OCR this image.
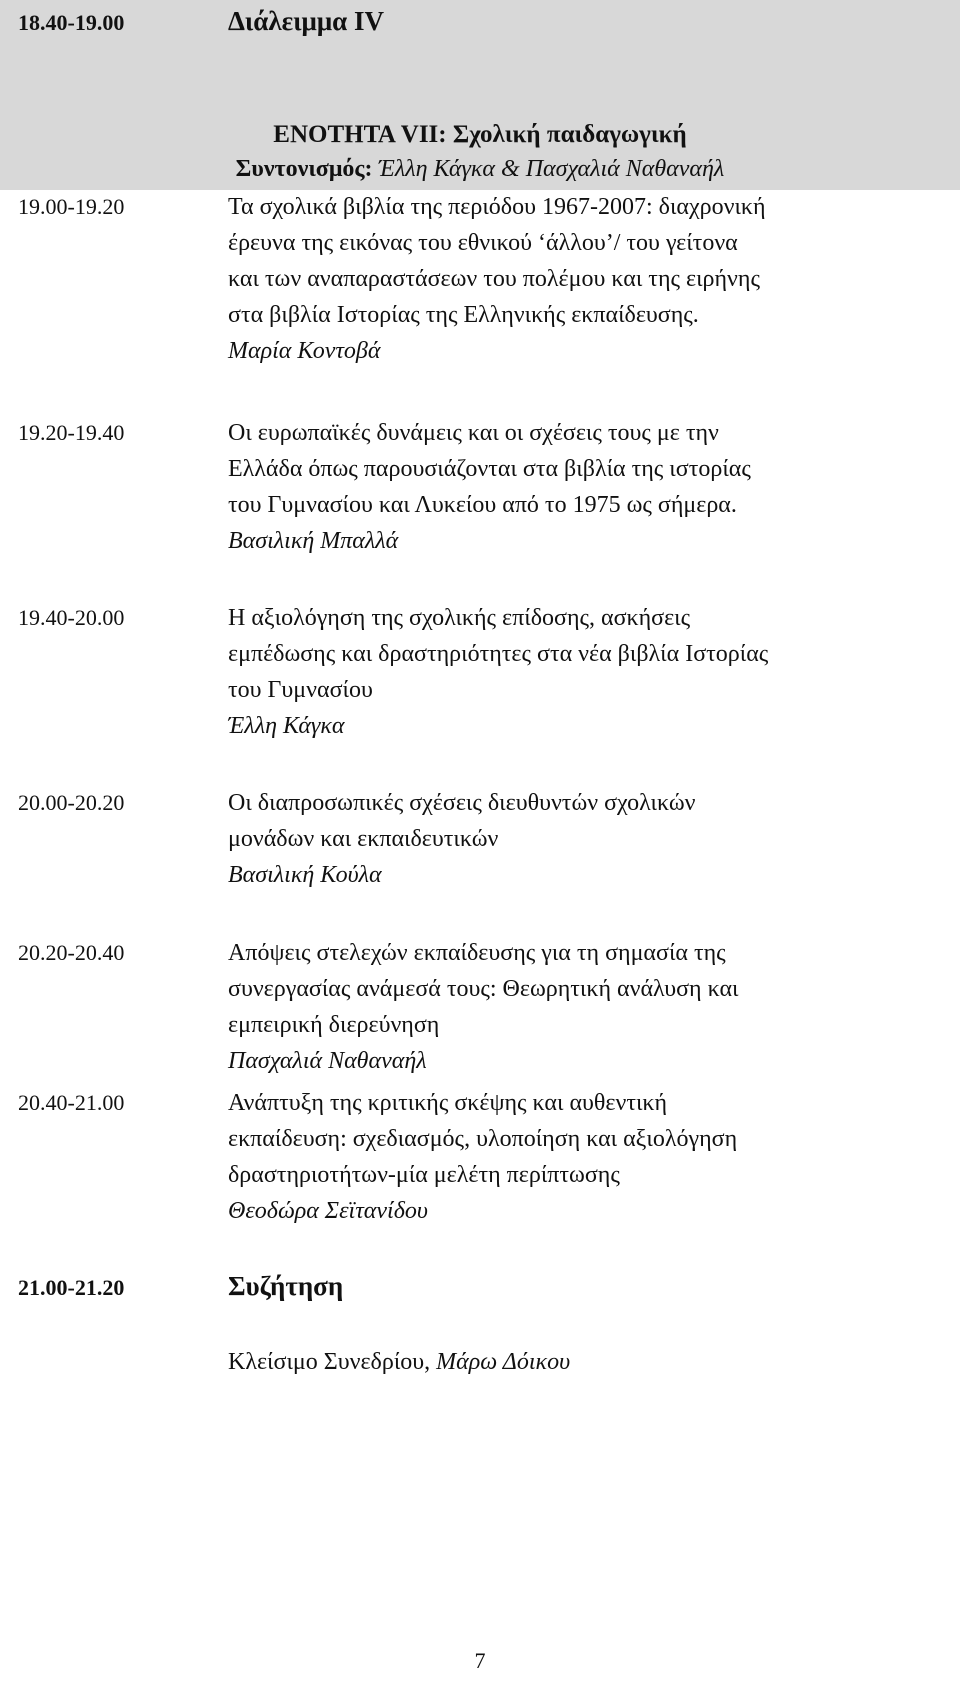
18.40-19.00	Διάλειμμα IV
ΕΝΟΤΗΤΑ VII: Σχολική παιδαγωγική
Συντονισμός: Έλλη Κάγκα & Πασχαλιά Ναθαναήλ
19.00-19.20	Τα σχολικά βιβλία της περιόδου 1967-2007: διαχρονική
έρευνα της εικόνας του εθνικού ‘άλλου’/ του γείτονα
και των αναπαραστάσεων του πολέμου και της ειρήνης
στα βιβλία Ιστορίας της Ελληνικής εκπαίδευσης.
Μαρία Κοντοβά
19.20-19.40	Οι ευρωπαϊκές δυνάμεις και οι σχέσεις τους με την
Ελλάδα όπως παρουσιάζονται στα βιβλία της ιστορίας
του Γυμνασίου και Λυκείου από το 1975 ως σήμερα.
Βασιλική Μπαλλά
19.40-20.00	Η αξιολόγηση της σχολικής επίδοσης, ασκήσεις
εμπέδωσης και δραστηριότητες στα νέα βιβλία Ιστορίας
του Γυμνασίου
Έλλη Κάγκα
20.00-20.20	Οι διαπροσωπικές σχέσεις διευθυντών σχολικών
μονάδων και εκπαιδευτικών
Βασιλική Κούλα
20.20-20.40	Απόψεις στελεχών εκπαίδευσης για τη σημασία της
συνεργασίας ανάμεσά τους: Θεωρητική ανάλυση και
εμπειρική διερεύνηση
Πασχαλιά Ναθαναήλ
20.40-21.00	Ανάπτυξη της κριτικής σκέψης και αυθεντική
εκπαίδευση: σχεδιασμός, υλοποίηση και αξιολόγηση
δραστηριοτήτων-μία μελέτη περίπτωσης
Θεοδώρα Σεϊτανίδου
21.00-21.20	Συζήτηση
Κλείσιμο Συνεδρίου, Μάρω Δόικου
7
